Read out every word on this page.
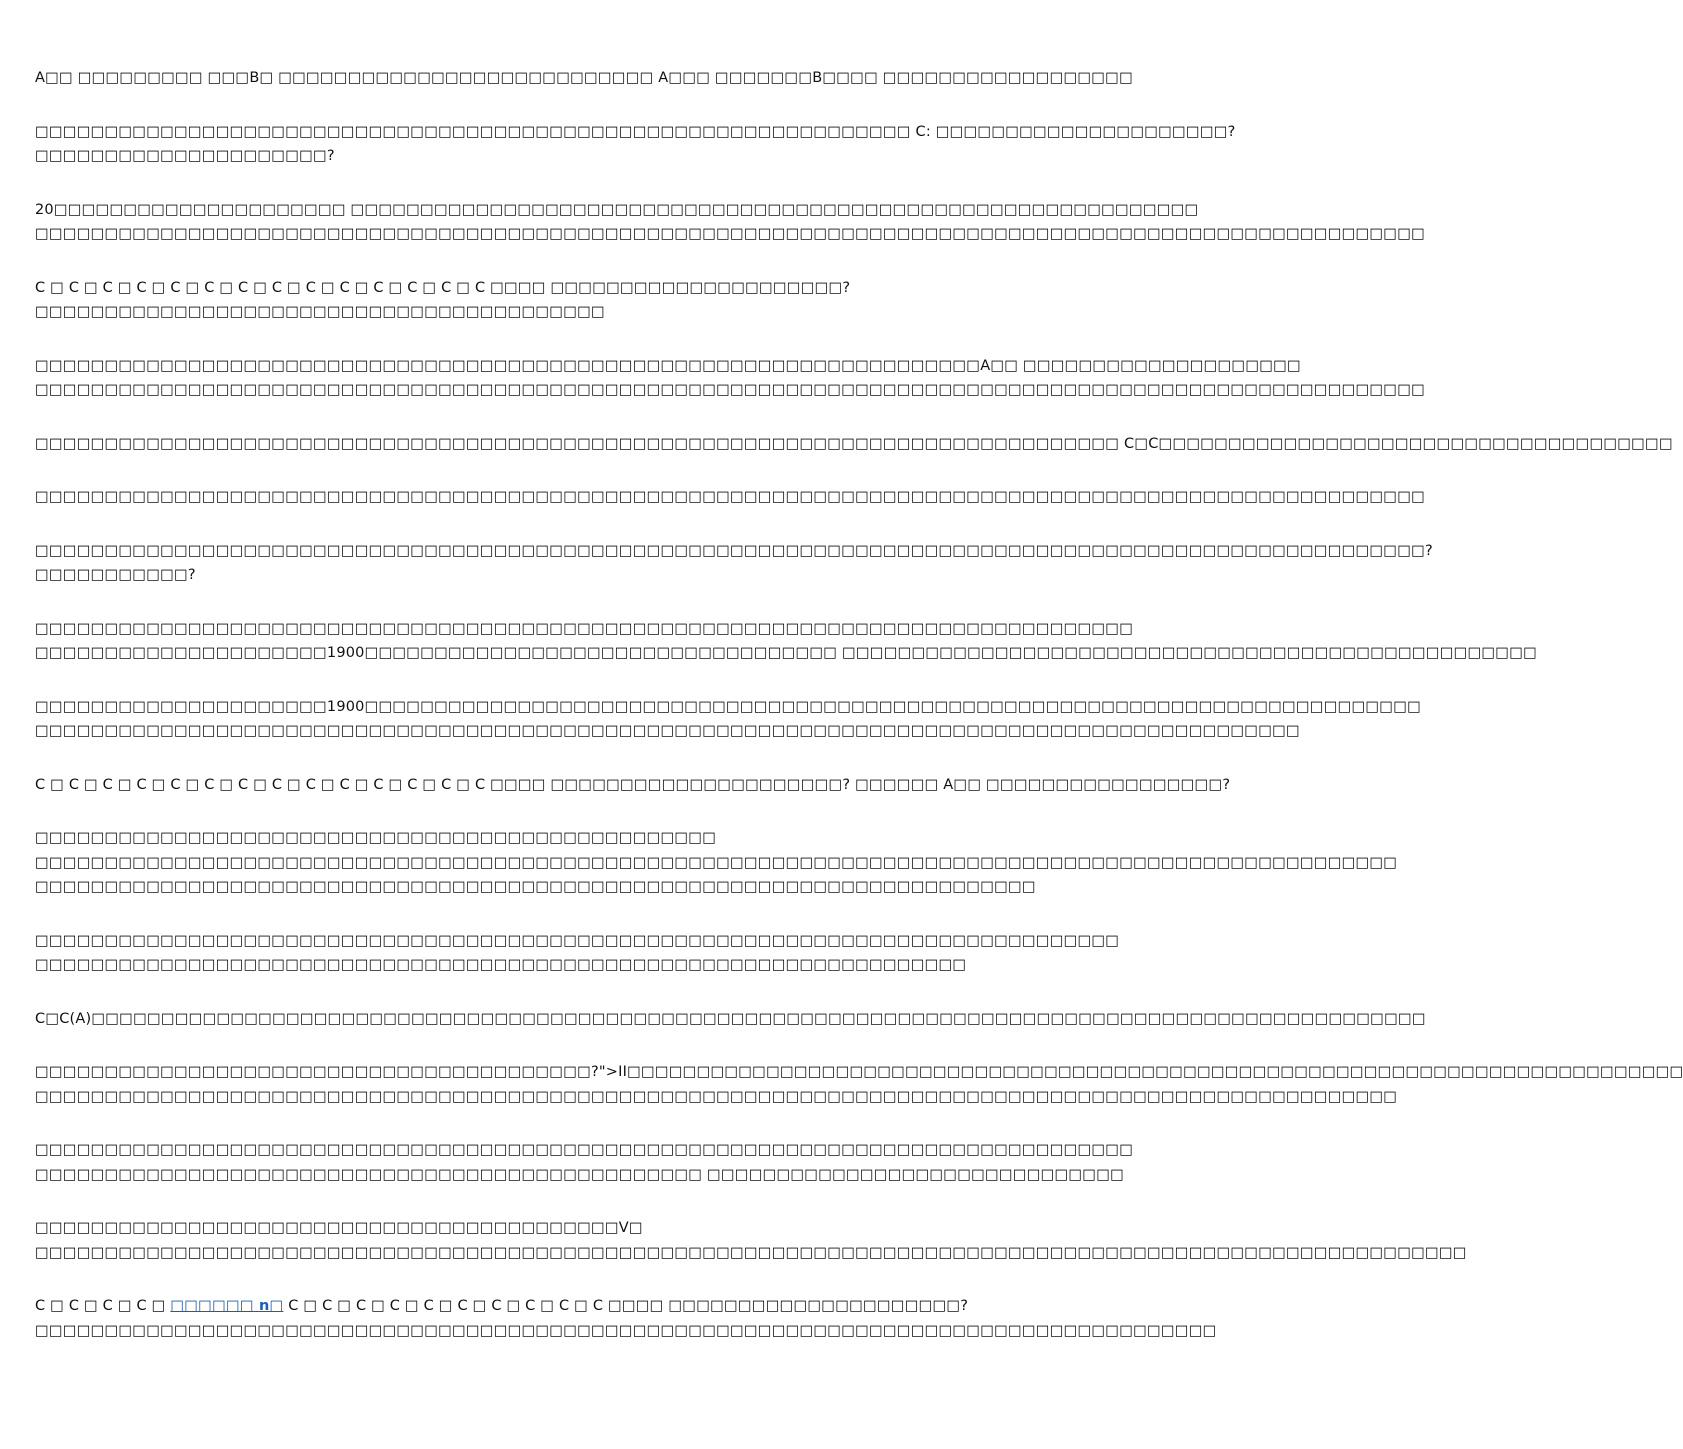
A□□ □□□□□□□□□ □□□B□ □□□□□□□□□□□□□□□□□□□□□□□□□□□ A□□□ □□□□□□□B□□□□ □□□□□□□□□□□□□□□□□□

□□□□□□□□□□□□□□□□□□□□□□□□□□□□□□□□□□□□□□□□□□□□□□□□□□□□□□□□□□□□□□□ C: □□□□□□□□□□□□□□□□□□□□□?
□□□□□□□□□□□□□□□□□□□□□?

20□□□□□□□□□□□□□□□□□□□□□ □□□□□□□□□□□□□□□□□□□□□□□□□□□□□□□□□□□□□□□□□□□□□□□□□□□□□□□□□□□□□
□□□□□□□□□□□□□□□□□□□□□□□□□□□□□□□□□□□□□□□□□□□□□□□□□□□□□□□□□□□□□□□□□□□□□□□□□□□□□□□□□□□□□□□□□□□□□□□□□□□□

C □ C □ C □ C □ C □ C □ C □ C □ C □ C □ C □ C □ C □ C □□□□ □□□□□□□□□□□□□□□□□□□□□?
□□□□□□□□□□□□□□□□□□□□□□□□□□□□□□□□□□□□□□□□□

□□□□□□□□□□□□□□□□□□□□□□□□□□□□□□□□□□□□□□□□□□□□□□□□□□□□□□□□□□□□□□□□□□□□A□□ □□□□□□□□□□□□□□□□□□□□
□□□□□□□□□□□□□□□□□□□□□□□□□□□□□□□□□□□□□□□□□□□□□□□□□□□□□□□□□□□□□□□□□□□□□□□□□□□□□□□□□□□□□□□□□□□□□□□□□□□□

□□□□□□□□□□□□□□□□□□□□□□□□□□□□□□□□□□□□□□□□□□□□□□□□□□□□□□□□□□□□□□□□□□□□□□□□□□□□□□ C□C□□□□□□□□□□□□□□□□□□□□□□□□□□□□□□□□□□□□□

□□□□□□□□□□□□□□□□□□□□□□□□□□□□□□□□□□□□□□□□□□□□□□□□□□□□□□□□□□□□□□□□□□□□□□□□□□□□□□□□□□□□□□□□□□□□□□□□□□□□

□□□□□□□□□□□□□□□□□□□□□□□□□□□□□□□□□□□□□□□□□□□□□□□□□□□□□□□□□□□□□□□□□□□□□□□□□□□□□□□□□□□□□□□□□□□□□□□□□□□□?
□□□□□□□□□□□?

□□□□□□□□□□□□□□□□□□□□□□□□□□□□□□□□□□□□□□□□□□□□□□□□□□□□□□□□□□□□□□□□□□□□□□□□□□□□□□□
□□□□□□□□□□□□□□□□□□□□□1900□□□□□□□□□□□□□□□□□□□□□□□□□□□□□□□□□□ □□□□□□□□□□□□□□□□□□□□□□□□□□□□□□□□□□□□□□□□□□□□□□□□□□

□□□□□□□□□□□□□□□□□□□□□1900□□□□□□□□□□□□□□□□□□□□□□□□□□□□□□□□□□□□□□□□□□□□□□□□□□□□□□□□□□□□□□□□□□□□□□□□□□□□
□□□□□□□□□□□□□□□□□□□□□□□□□□□□□□□□□□□□□□□□□□□□□□□□□□□□□□□□□□□□□□□□□□□□□□□□□□□□□□□□□□□□□□□□□□□

C □ C □ C □ C □ C □ C □ C □ C □ C □ C □ C □ C □ C □ C □□□□ □□□□□□□□□□□□□□□□□□□□□? □□□□□□ A□□ □□□□□□□□□□□□□□□□□?

□□□□□□□□□□□□□□□□□□□□□□□□□□□□□□□□□□□□□□□□□□□□□□□□□
□□□□□□□□□□□□□□□□□□□□□□□□□□□□□□□□□□□□□□□□□□□□□□□□□□□□□□□□□□□□□□□□□□□□□□□□□□□□□□□□□□□□□□□□□□□□□□□□□□
□□□□□□□□□□□□□□□□□□□□□□□□□□□□□□□□□□□□□□□□□□□□□□□□□□□□□□□□□□□□□□□□□□□□□□□□

□□□□□□□□□□□□□□□□□□□□□□□□□□□□□□□□□□□□□□□□□□□□□□□□□□□□□□□□□□□□□□□□□□□□□□□□□□□□□□
□□□□□□□□□□□□□□□□□□□□□□□□□□□□□□□□□□□□□□□□□□□□□□□□□□□□□□□□□□□□□□□□□□□

C□C(A)□□□□□□□□□□□□□□□□□□□□□□□□□□□□□□□□□□□□□□□□□□□□□□□□□□□□□□□□□□□□□□□□□□□□□□□□□□□□□□□□□□□□□□□□□□□□□□□□

□□□□□□□□□□□□□□□□□□□□□□□□□□□□□□□□□□□□□□□□?">II□□□□□□□□□□□□□□□□□□□□□□□□□□□□□□□□□□□□□□□□□□□□□□□□□□□□□□□□□□□□□□□□□□□□□□□□□□□□
□□□□□□□□□□□□□□□□□□□□□□□□□□□□□□□□□□□□□□□□□□□□□□□□□□□□□□□□□□□□□□□□□□□□□□□□□□□□□□□□□□□□□□□□□□□□□□□□□□

□□□□□□□□□□□□□□□□□□□□□□□□□□□□□□□□□□□□□□□□□□□□□□□□□□□□□□□□□□□□□□□□□□□□□□□□□□□□□□□
□□□□□□□□□□□□□□□□□□□□□□□□□□□□□□□□□□□□□□□□□□□□□□□□ □□□□□□□□□□□□□□□□□□□□□□□□□□□□□□

□□□□□□□□□□□□□□□□□□□□□□□□□□□□□□□□□□□□□□□□□□V□
□□□□□□□□□□□□□□□□□□□□□□□□□□□□□□□□□□□□□□□□□□□□□□□□□□□□□□□□□□□□□□□□□□□□□□□□□□□□□□□□□□□□□□□□□□□□□□□□□□□□□□□

C □ C □ C □ C □ □□□□□□ n□ C □ C □ C □ C □ C □ C □ C □ C □ C □ C □□□□ □□□□□□□□□□□□□□□□□□□□□?
□□□□□□□□□□□□□□□□□□□□□□□□□□□□□□□□□□□□□□□□□□□□□□□□□□□□□□□□□□□□□□□□□□□□□□□□□□□□□□□□□□□□□
